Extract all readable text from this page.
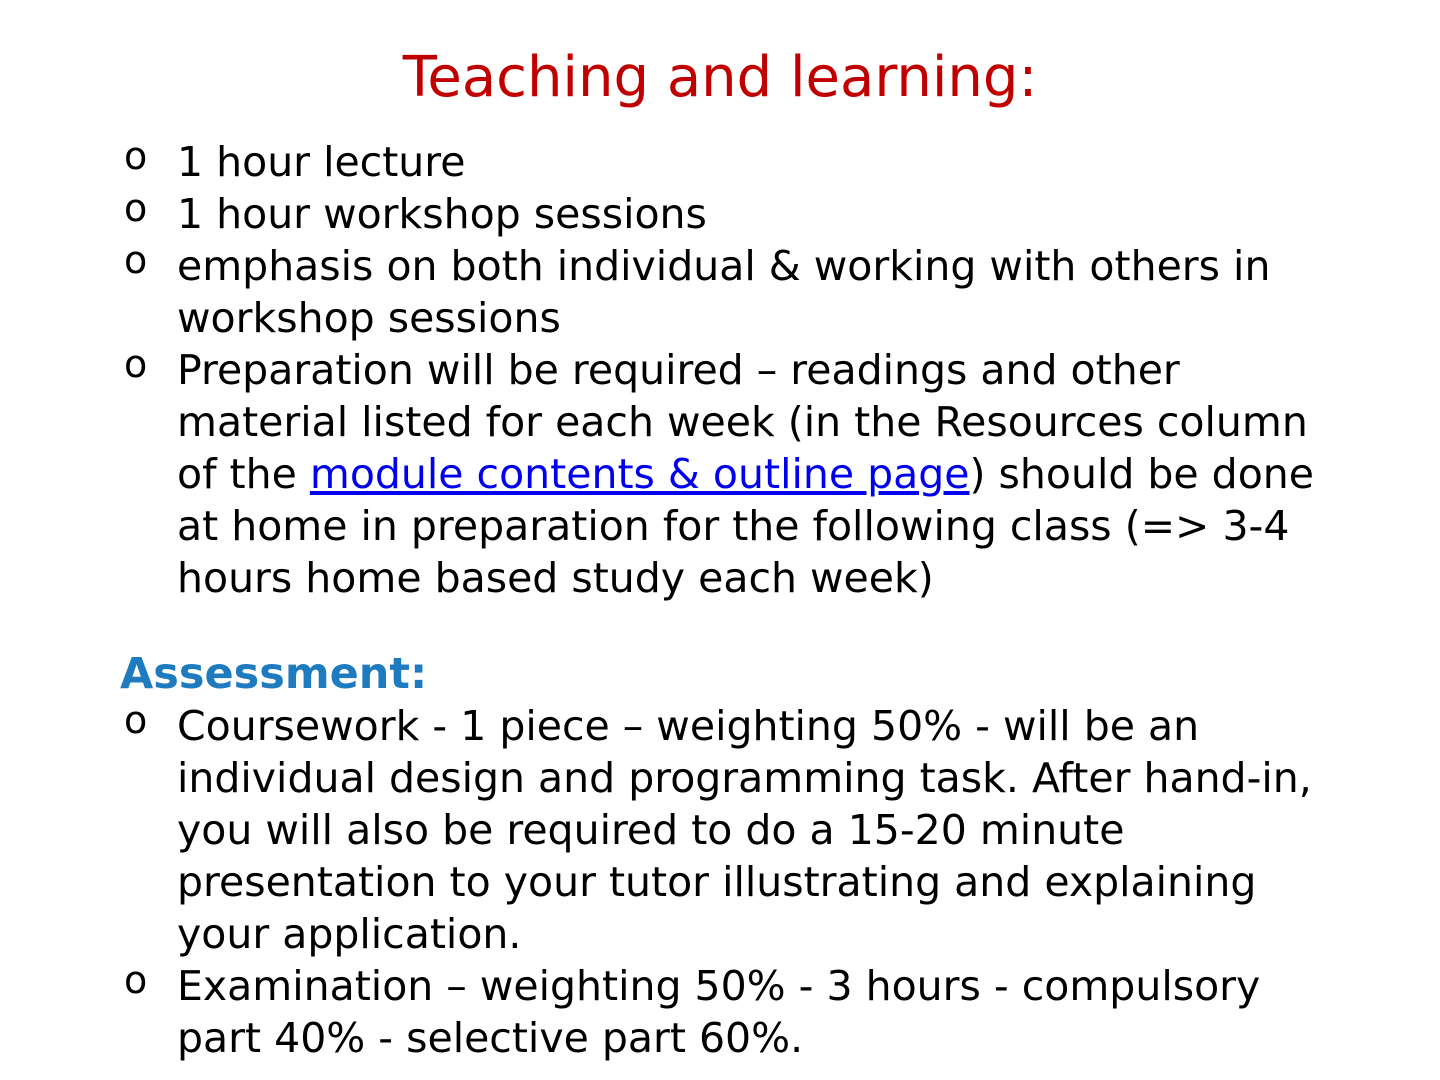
Teaching and learning:
o 1 hour lecture
o 1 hour workshop sessions
o emphasis on both individual & working with others in workshop sessions
o Preparation will be required – readings and other material listed for each week (in the Resources column of the module contents & outline page) should be done at home in preparation for the following class (=> 3-4 hours home based study each week)
Assessment:
o Coursework - 1 piece – weighting 50% - will be an individual design and programming task. After hand-in, you will also be required to do a 15-20 minute presentation to your tutor illustrating and explaining your application.
o Examination – weighting 50% - 3 hours - compulsory part 40% - selective part 60%.
